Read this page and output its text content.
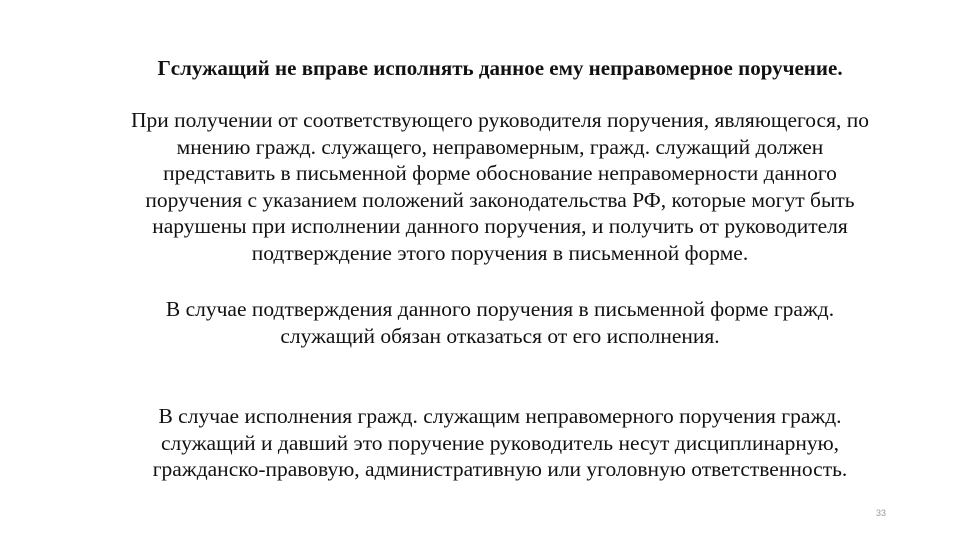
Гслужащий не вправе исполнять данное ему неправомерное поручение.

При получении от соответствующего руководителя поручения, являющегося, по
мнению гражд. служащего, неправомерным, гражд. служащий должен
представить в письменной форме обоснование неправомерности данного
поручения с указанием положений законодательства РФ, которые могут быть
нарушены при исполнении данного поручения, и получить от руководителя
подтверждение этого поручения в письменной форме.

В случае подтверждения данного поручения в письменной форме гражд.
служащий обязан отказаться от его исполнения.

В случае исполнения гражд. служащим неправомерного поручения гражд.
служащий и давший это поручение руководитель несут дисциплинарную,
гражданско-правовую, административную или уголовную ответственность.

33
